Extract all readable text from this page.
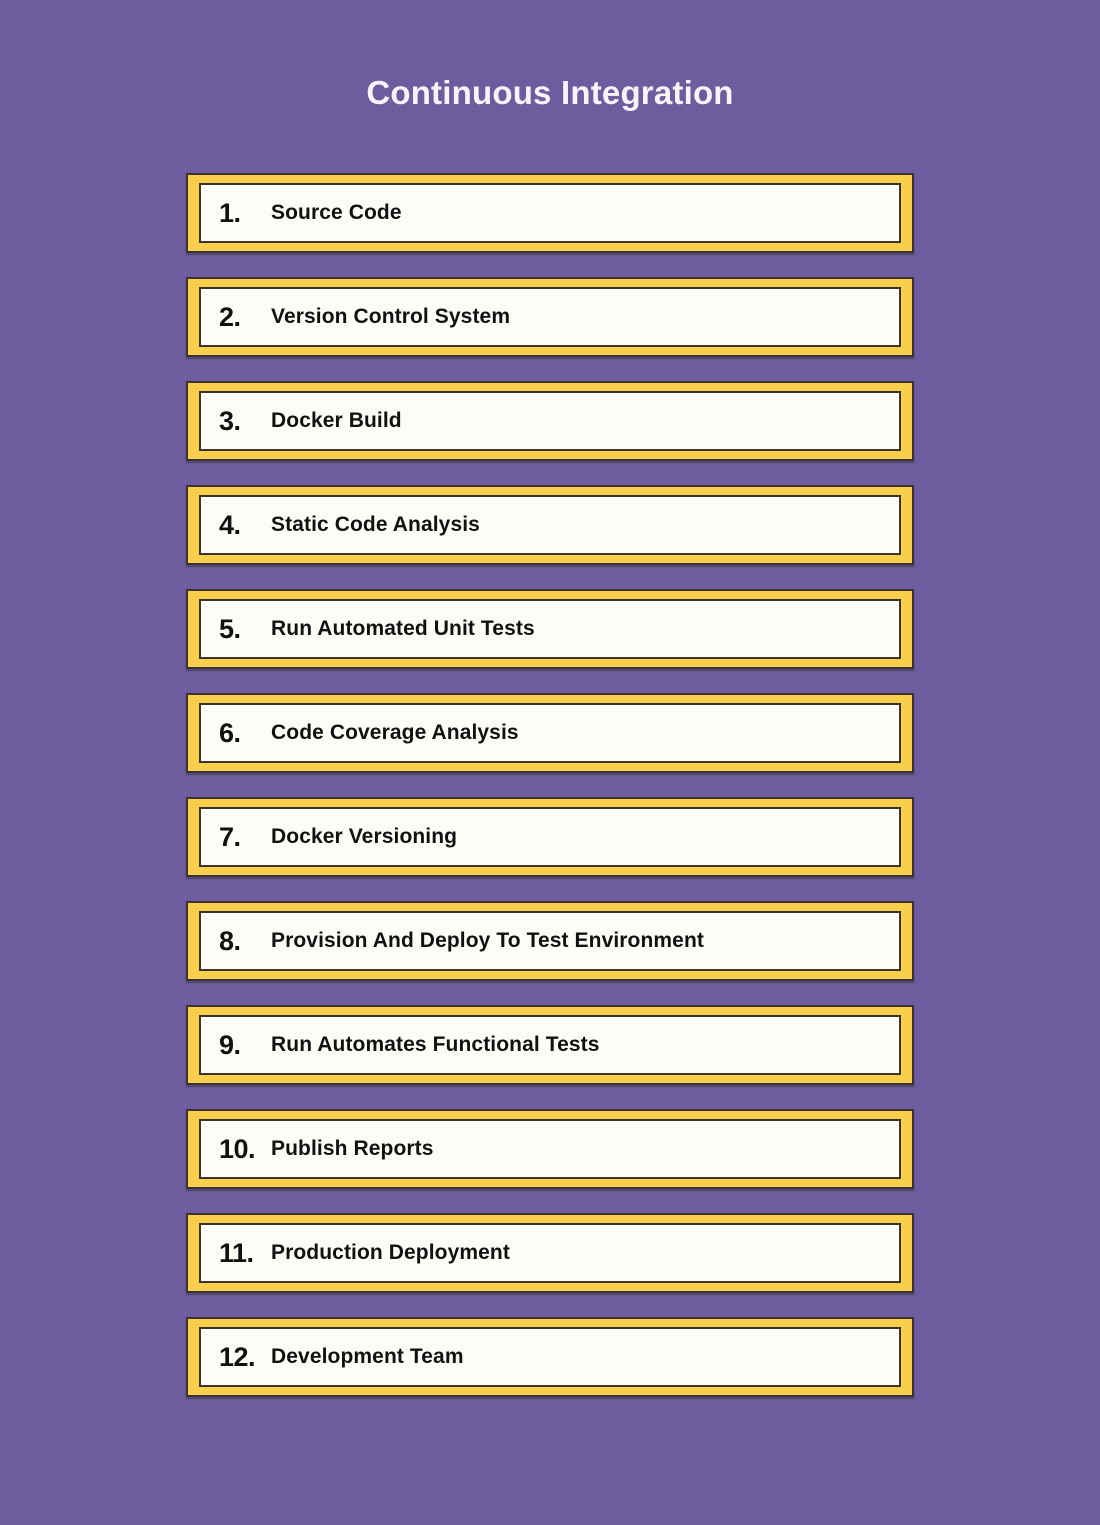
Continuous Integration
1.	Source Code
2.	Version Control System
3.	Docker Build
4.	Static Code Analysis
5.	Run Automated Unit Tests
6.	Code Coverage Analysis
7.	Docker Versioning
8.	Provision And Deploy To Test Environment
9.	Run Automates Functional Tests
10. Publish Reports
11. Production Deployment
12. Development Team
